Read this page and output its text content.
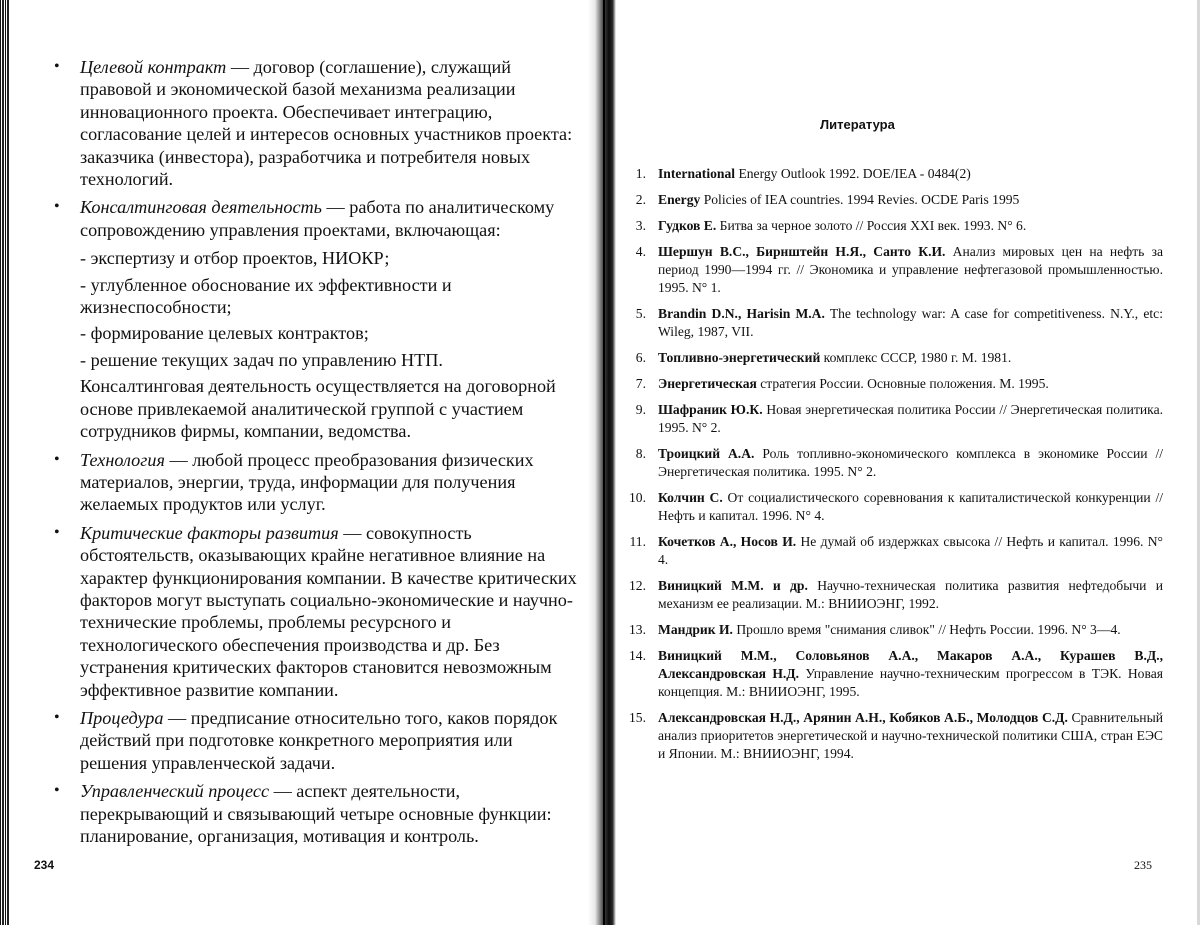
• Целевой контракт — договор (соглашение), служащий правовой и экономической базой механизма реализации инновационного проекта. Обеспечивает интеграцию, согласование целей и интересов основных участников проекта: заказчика (инвестора), разработчика и потребителя новых технологий.
• Консалтинговая деятельность — работа по аналитическому сопровождению управления проектами, включающая:
- экспертизу и отбор проектов, НИОКР;
- углубленное обоснование их эффективности и жизнеспособности;
- формирование целевых контрактов;
- решение текущих задач по управлению НТП.
Консалтинговая деятельность осуществляется на договорной основе привлекаемой аналитической группой с участием сотрудников фирмы, компании, ведомства.
• Технология — любой процесс преобразования физических материалов, энергии, труда, информации для получения желаемых продуктов или услуг.
• Критические факторы развития — совокупность обстоятельств, оказывающих крайне негативное влияние на характер функционирования компании. В качестве критических факторов могут выступать социально-экономические и научно-технические проблемы, проблемы ресурсного и технологического обеспечения производства и др. Без устранения критических факторов становится невозможным эффективное развитие компании.
• Процедура — предписание относительно того, каков порядок действий при подготовке конкретного мероприятия или решения управленческой задачи.
• Управленческий процесс — аспект деятельности, перекрывающий и связывающий четыре основные функции: планирование, организация, мотивация и контроль.
234
Литература
1. International Energy Outlook 1992. DOE/IEA - 0484(2)
2. Energy Policies of IEA countries. 1994 Revies. OCDE Paris 1995
3. Гудков Е. Битва за черное золото // Россия XXI век. 1993. N° 6.
4. Шершун В.С., Бирнштейн Н.Я., Санто К.И. Анализ мировых цен на нефть за период 1990—1994 гг. // Экономика и управление нефтегазовой промышленностью. 1995. N° 1.
5. Brandin D.N., Harisin M.A. The technology war: A case for competitiveness. N.Y., etc: Wileg, 1987, VII.
6. Топливно-энергетический комплекс СССР, 1980 г. М. 1981.
7. Энергетическая стратегия России. Основные положения. М. 1995.
9. Шафраник Ю.К. Новая энергетическая политика России // Энергетическая политика. 1995. N° 2.
8. Троицкий А.А. Роль топливно-экономического комплекса в экономике России // Энергетическая политика. 1995. N° 2.
10. Колчин С. От социалистического соревнования к капиталистической конкуренции // Нефть и капитал. 1996. N° 4.
11. Кочетков А., Носов И. Не думай об издержках свысока // Нефть и капитал. 1996. N° 4.
12. Виницкий М.М. и др. Научно-техническая политика развития нефтедобычи и механизм ее реализации. М.: ВНИИОЭНГ, 1992.
13. Мандрик И. Прошло время "снимания сливок" // Нефть России. 1996. N° 3—4.
14. Виницкий М.М., Соловьянов А.А., Макаров А.А., Курашев В.Д., Александровская Н.Д. Управление научно-техническим прогрессом в ТЭК. Новая концепция. М.: ВНИИОЭНГ, 1995.
15. Александровская Н.Д., Арянин А.Н., Кобяков А.Б., Молодцов С.Д. Сравнительный анализ приоритетов энергетической и научно-технической политики США, стран ЕЭС и Японии. М.: ВНИИОЭНГ, 1994.
235
